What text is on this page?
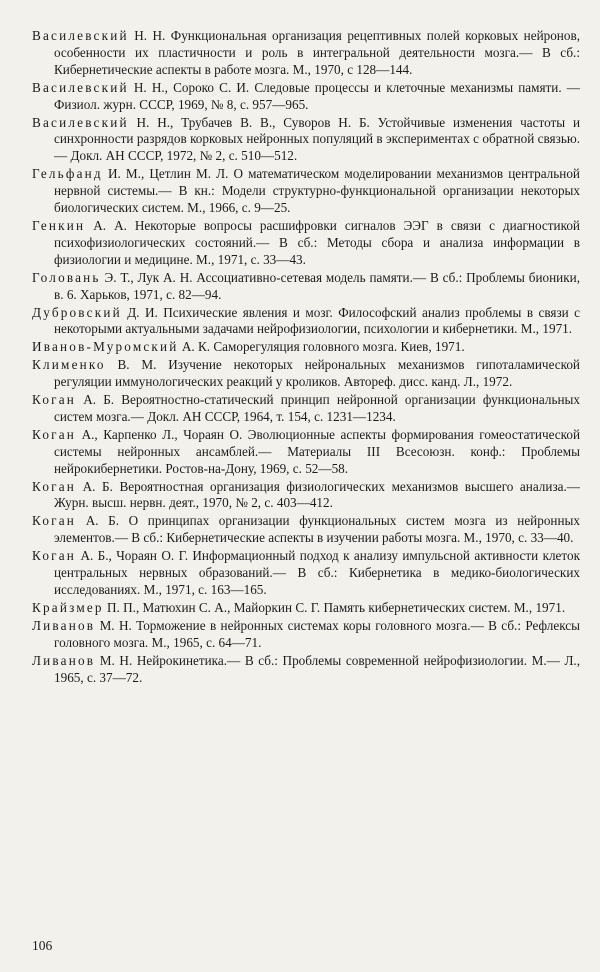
Василевский Н. Н. Функциональная организация рецептивных полей корковых нейронов, особенности их пластичности и роль в интегральной деятельности мозга.— В сб.: Кибернетические аспекты в работе мозга. М., 1970, с 128—144.

Василевский Н. Н., Сороко С. И. Следовые процессы и клеточные механизмы памяти. — Физиол. журн. СССР, 1969, № 8, с. 957—965.

Василевский Н. Н., Трубачев В. В., Суворов Н. Б. Устойчивые изменения частоты и синхронности разрядов корковых нейронных популяций в экспериментах с обратной связью.— Докл. АН СССР, 1972, № 2, с. 510—512.

Гельфанд И. М., Цетлин М. Л. О математическом моделировании механизмов центральной нервной системы.— В кн.: Модели структурно-функциональной организации некоторых биологических систем. М., 1966, с. 9—25.

Генкин А. А. Некоторые вопросы расшифровки сигналов ЭЭГ в связи с диагностикой психофизиологических состояний.— В сб.: Методы сбора и анализа информации в физиологии и медицине. М., 1971, с. 33—43.

Головань Э. Т., Лук А. Н. Ассоциативно-сетевая модель памяти.— В сб.: Проблемы бионики, в. 6. Харьков, 1971, с. 82—94.

Дубровский Д. И. Психические явления и мозг. Философский анализ проблемы в связи с некоторыми актуальными задачами нейрофизиологии, психологии и кибернетики. М., 1971.

Иванов-Муромский А. К. Саморегуляция головного мозга. Киев, 1971.

Клименко В. М. Изучение некоторых нейрональных механизмов гипоталамической регуляции иммунологических реакций у кроликов. Автореф. дисс. канд. Л., 1972.

Коган А. Б. Вероятностно-статический принцип нейронной организации функциональных систем мозга.— Докл. АН СССР, 1964, т. 154, с. 1231—1234.

Коган А., Карпенко Л., Чораян О. Эволюционные аспекты формирования гомеостатической системы нейронных ансамблей.— Материалы III Всесоюзн. конф.: Проблемы нейрокибернетики. Ростов-на-Дону, 1969, с. 52—58.

Коган А. Б. Вероятностная организация физиологических механизмов высшего анализа.— Журн. высш. нервн. деят., 1970, № 2, с. 403—412.

Коган А. Б. О принципах организации функциональных систем мозга из нейронных элементов.— В сб.: Кибернетические аспекты в изучении работы мозга. М., 1970, с. 33—40.

Коган А. Б., Чораян О. Г. Информационный подход к анализу импульсной активности клеток центральных нервных образований.— В сб.: Кибернетика в медико-биологических исследованиях. М., 1971, с. 163—165.

Крайзмер П. П., Матюхин С. А., Майоркин С. Г. Память кибернетических систем. М., 1971.

Ливанов М. Н. Торможение в нейронных системах коры головного мозга.— В сб.: Рефлексы головного мозга. М., 1965, с. 64—71.

Ливанов М. Н. Нейрокинетика.— В сб.: Проблемы современной нейрофизиологии. М.— Л., 1965, с. 37—72.

106
